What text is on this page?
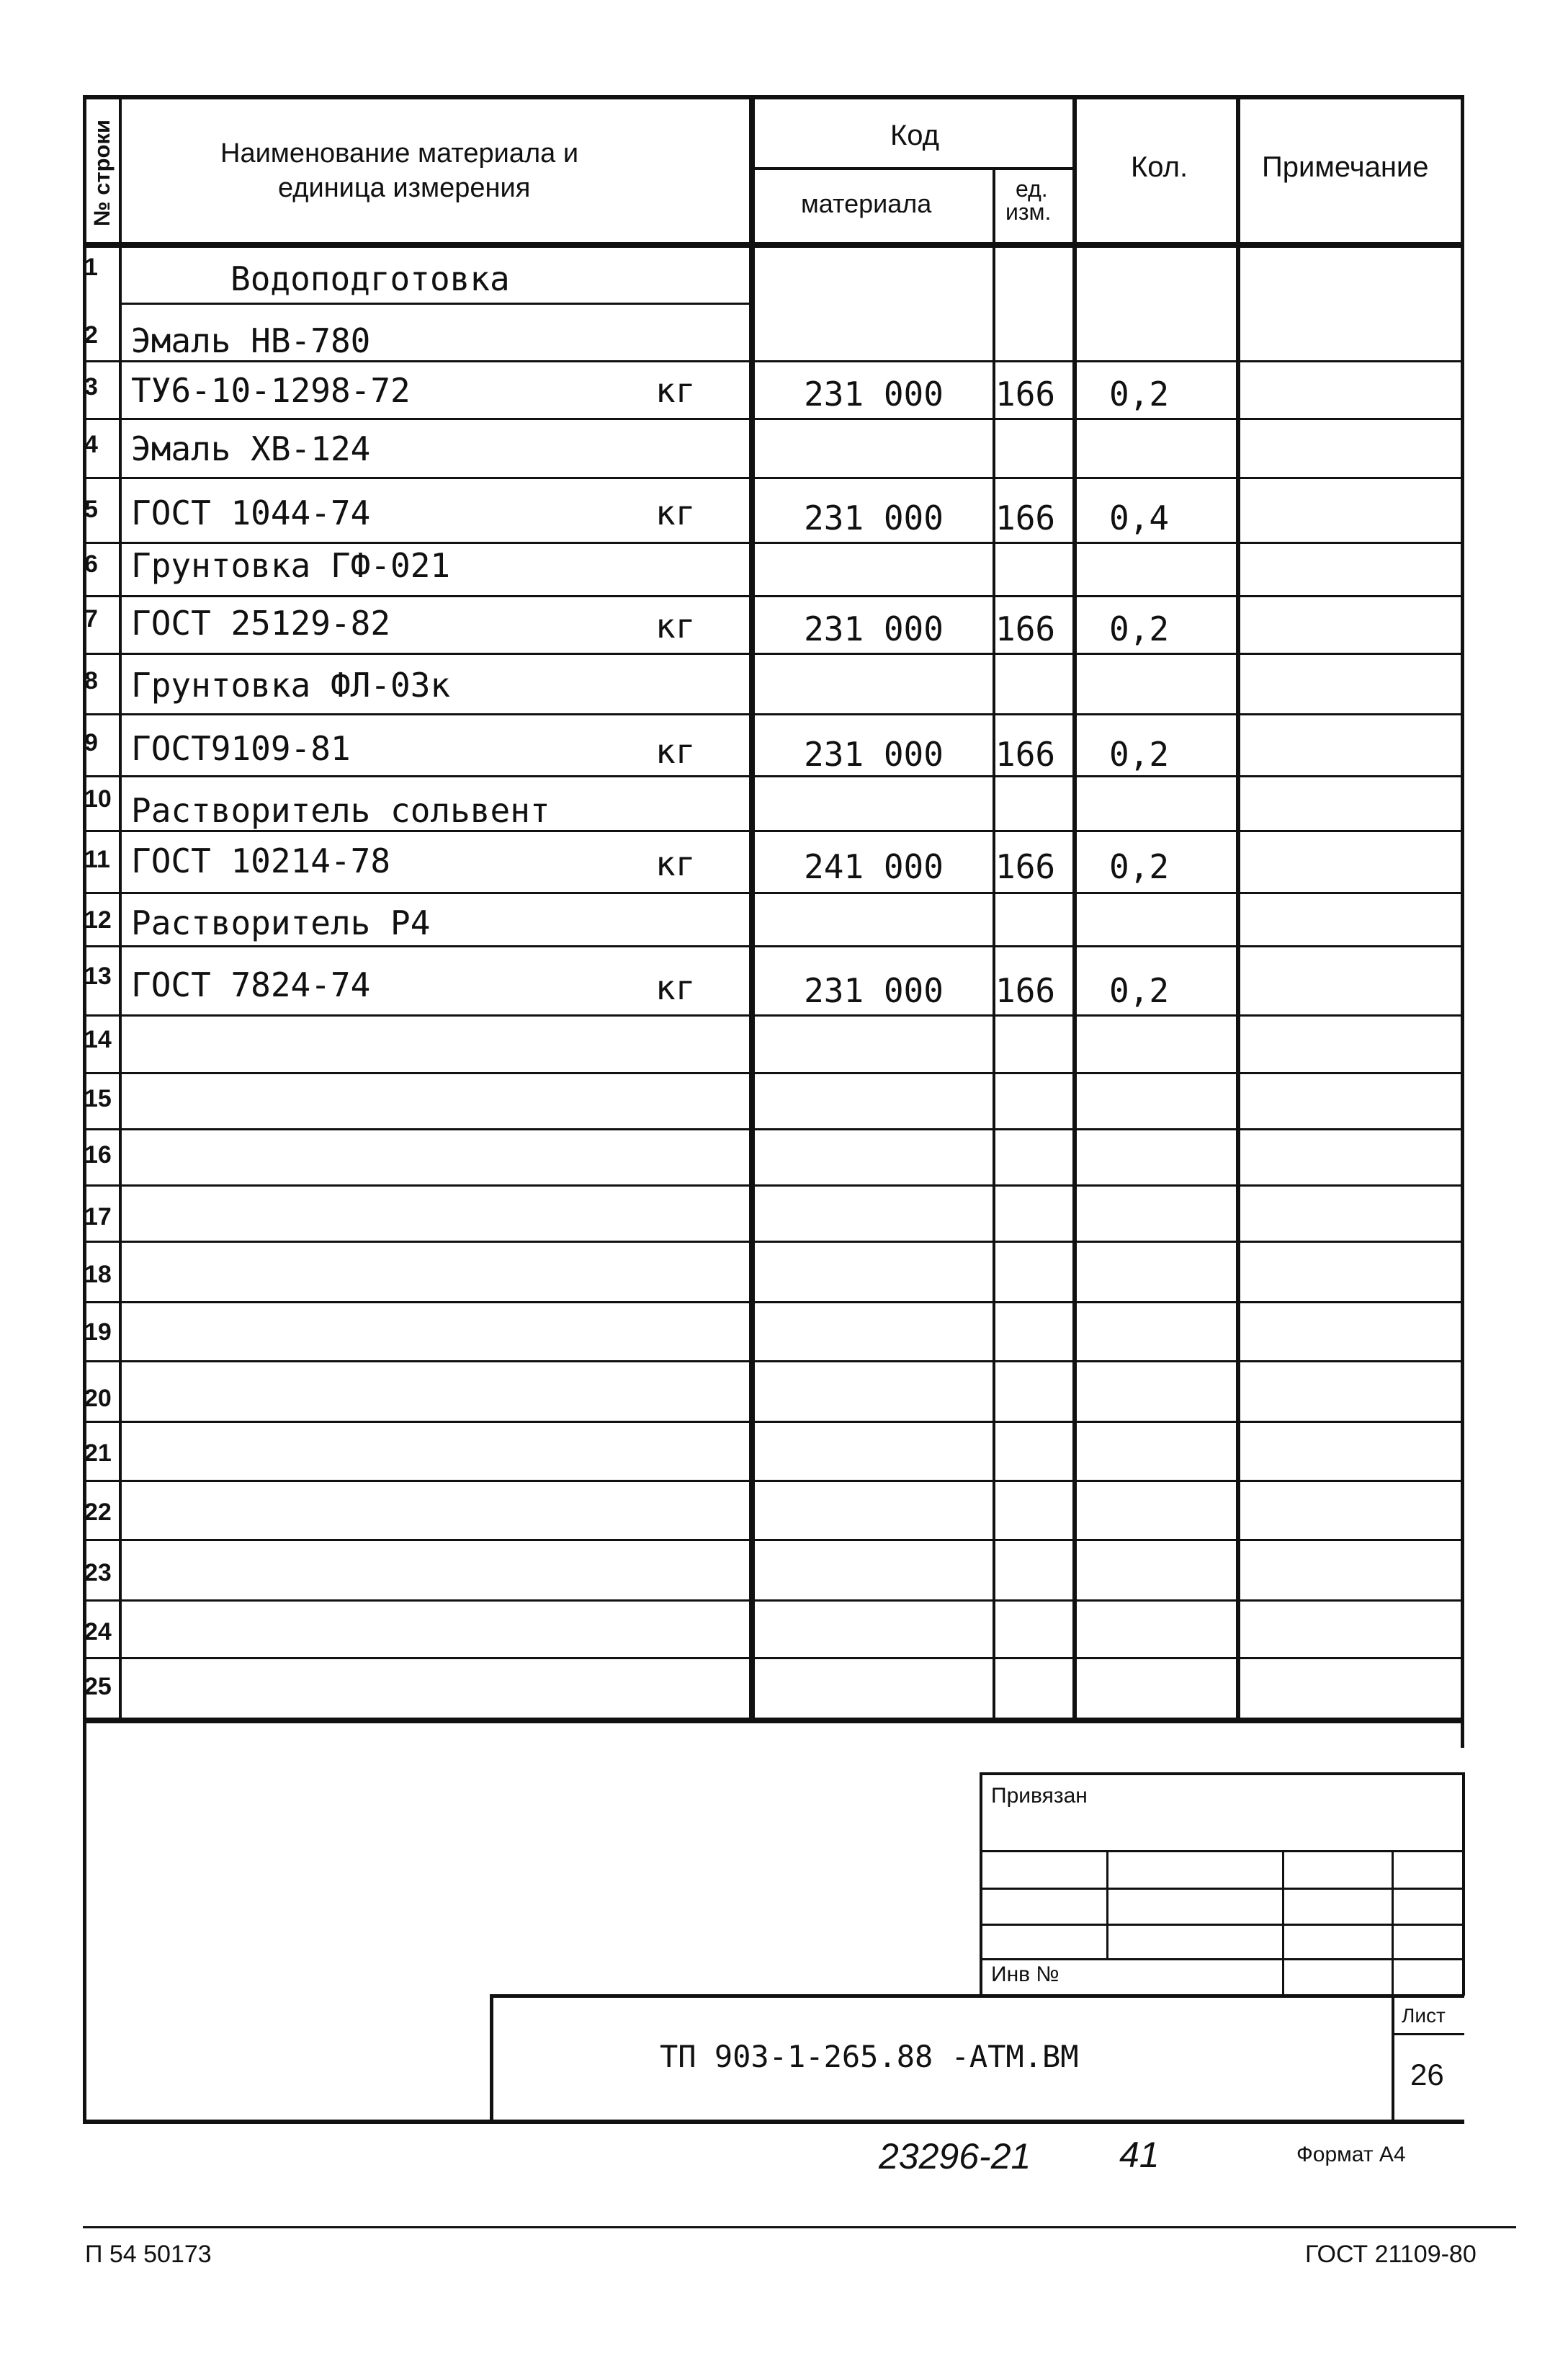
№ строки	Наименование материала и
единица измерения
Код
материала	ед.
изм.
Кол.	Примечание
1	Водоподготовка
2	Эмаль НВ-780
3	ТУ6-10-1298-72	кг	231 000	166	0,2
4	Эмаль ХВ-124
5	ГОСТ 1044-74	кг	231 000	166	0,4
6	Грунтовка ГФ-021
7	ГОСТ 25129-82	кг	231 000	166	0,2
8	Грунтовка ФЛ-03к
9	ГОСТ9109-81	кг	231 000	166	0,2
10 Растворитель сольвент
11 ГОСТ 10214-78	кг	241 000	166	0,2
12 Растворитель Р4
13 ГОСТ 7824-74	кг	231 000	166	0,2
14
15
16
17
18
19
20
21
22
23
24
25
Привязан
Инв №
ТП 903-1-265.88 -АТМ.ВМ
Лист
26
23296-21 41	Формат А4
П 54 50173	ГОСТ 21109-80
